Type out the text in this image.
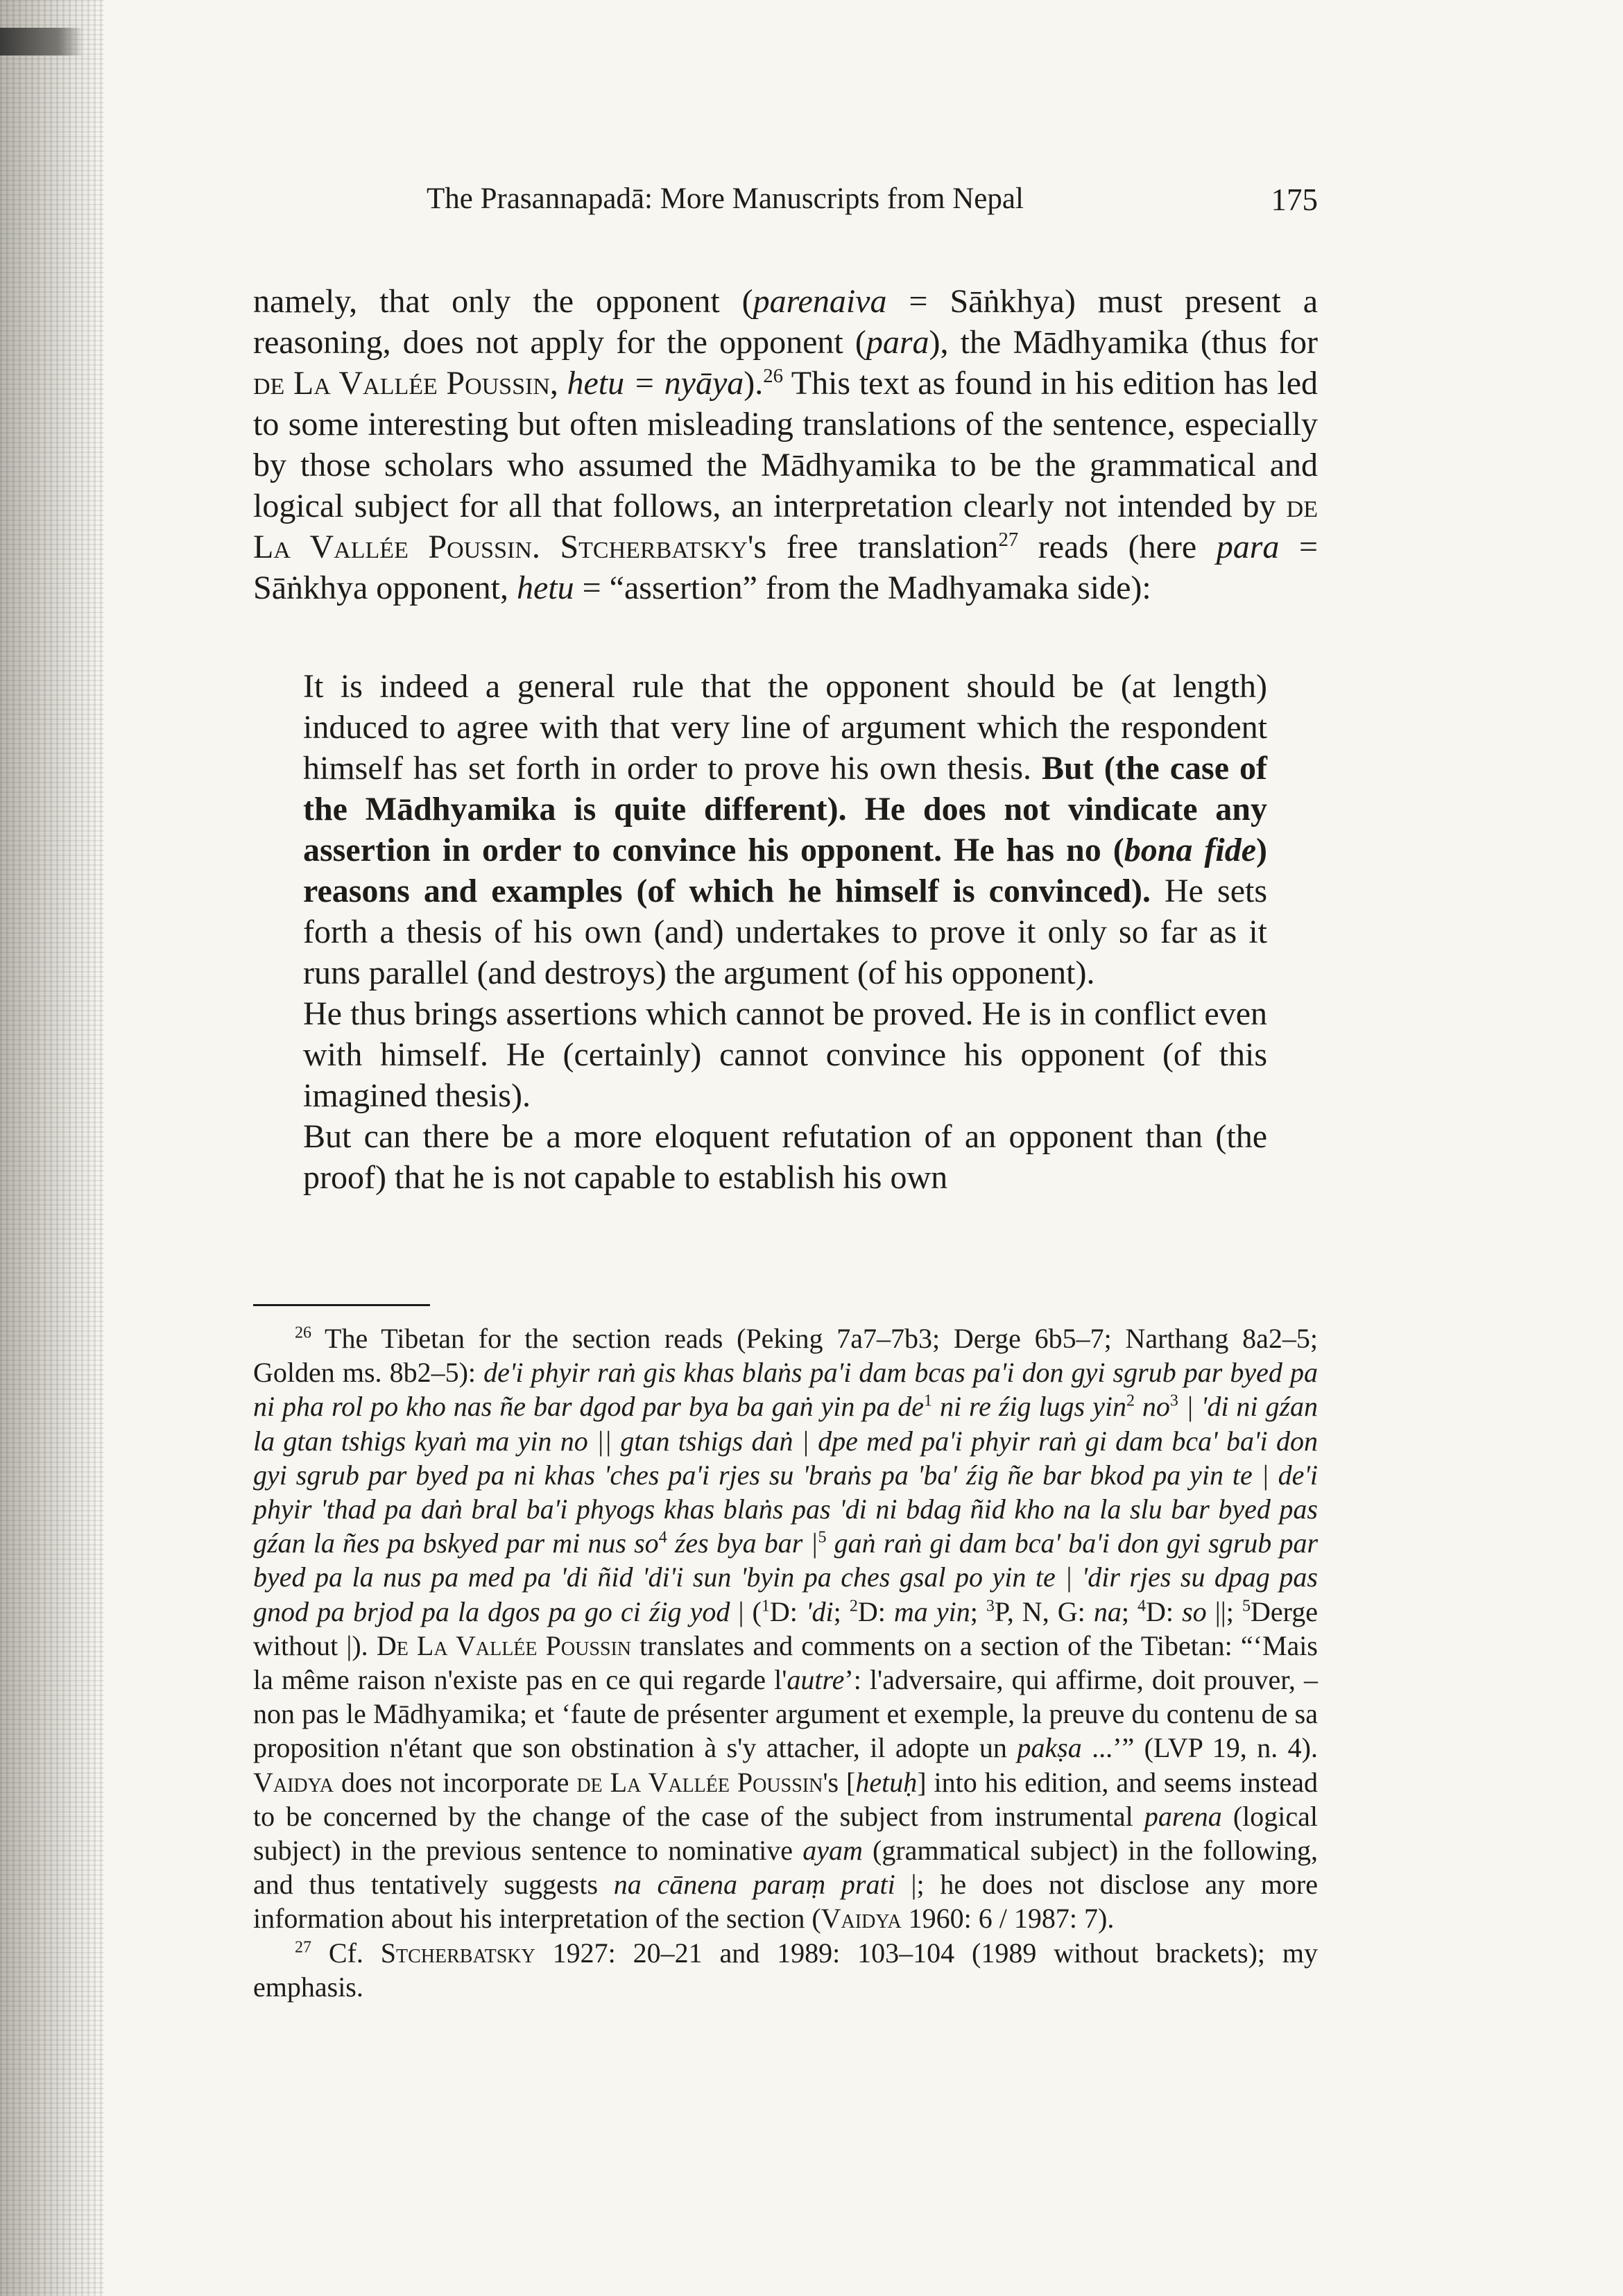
The Prasannapadā: More Manuscripts from Nepal	175
namely, that only the opponent (parenaiva = Sāṅkhya) must present a reasoning, does not apply for the opponent (para), the Mādhyamika (thus for de La Vallée Poussin, hetu = nyāya).$^{26}$ This text as found in his edition has led to some interesting but often misleading translations of the sentence, especially by those scholars who assumed the Mādhyamika to be the grammatical and logical subject for all that follows, an interpretation clearly not intended by de La Vallée Poussin. Stcherbatsky's free translation$^{27}$ reads (here para = Sāṅkhya opponent, hetu = “assertion” from the Madhyamaka side):

It is indeed a general rule that the opponent should be (at length) induced to agree with that very line of argument which the respondent himself has set forth in order to prove his own thesis. But (the case of the Mādhyamika is quite different). He does not vindicate any assertion in order to convince his opponent. He has no (bona fide) reasons and examples (of which he himself is convinced). He sets forth a thesis of his own (and) undertakes to prove it only so far as it runs parallel (and destroys) the argument (of his opponent).

He thus brings assertions which cannot be proved. He is in conflict even with himself. He (certainly) cannot convince his opponent (of this imagined thesis).

But can there be a more eloquent refutation of an opponent than (the proof) that he is not capable to establish his own

$^{26}$ The Tibetan for the section reads (Peking 7a7–7b3; Derge 6b5–7; Narthang 8a2–5; Golden ms. 8b2–5): de'i phyir raṅ gis khas blaṅs pa'i dam bcas pa'i don gyi sgrub par byed pa ni pha rol po kho nas ñe bar dgod par bya ba gaṅ yin pa $de^1$ ni re źig lugs yin$^2$ $no^3$ | 'di ni gźan la gtan tshigs kyaṅ ma yin no || gtan tshigs daṅ | dpe med pa'i phyir raṅ gi dam bca' ba'i don gyi sgrub par byed pa ni khas 'ches pa'i rjes su 'braṅs pa 'ba' źig ñe bar bkod pa yin te | de'i phyir 'thad pa daṅ bral ba'i phyogs khas blaṅs pas 'di ni bdag ñid kho na la slu bar byed pas gźan la ñes pa bskyed par mi nus $so^4$ źes bya bar $|^5$ gaṅ raṅ gi dam bca' ba'i don gyi sgrub par byed pa la nus pa med pa 'di ñid 'di'i sun 'byin pa ches gsal po yin te | 'dir rjes su dpag pas gnod pa brjod pa la dgos pa go ci źig yod | ($^1$D: 'di; $^2$D: ma yin; $^3$P, N, G: na; $^4$D: so ||; $^5$Derge without |). De La Vallée Poussin translates and comments on a section of the Tibetan: “‘Mais la même raison n'existe pas en ce qui regarde l'autre’: l'adversaire, qui affirme, doit prouver, – non pas le Mādhyamika; et ‘faute de présenter argument et exemple, la preuve du contenu de sa proposition n'étant que son obstination à s'y attacher, il adopte un pakṣa ...’” (LVP 19, n. 4). Vaidya does not incorporate de La Vallée Poussin's [hetuḥ] into his edition, and seems instead to be concerned by the change of the case of the subject from instrumental parena (logical subject) in the previous sentence to nominative ayam (grammatical subject) in the following, and thus tentatively suggests na cānena paraṃ prati |; he does not disclose any more information about his interpretation of the section (Vaidya 1960: 6 / 1987: 7).

$^{27}$ Cf. Stcherbatsky 1927: 20–21 and 1989: 103–104 (1989 without brackets); my emphasis.
